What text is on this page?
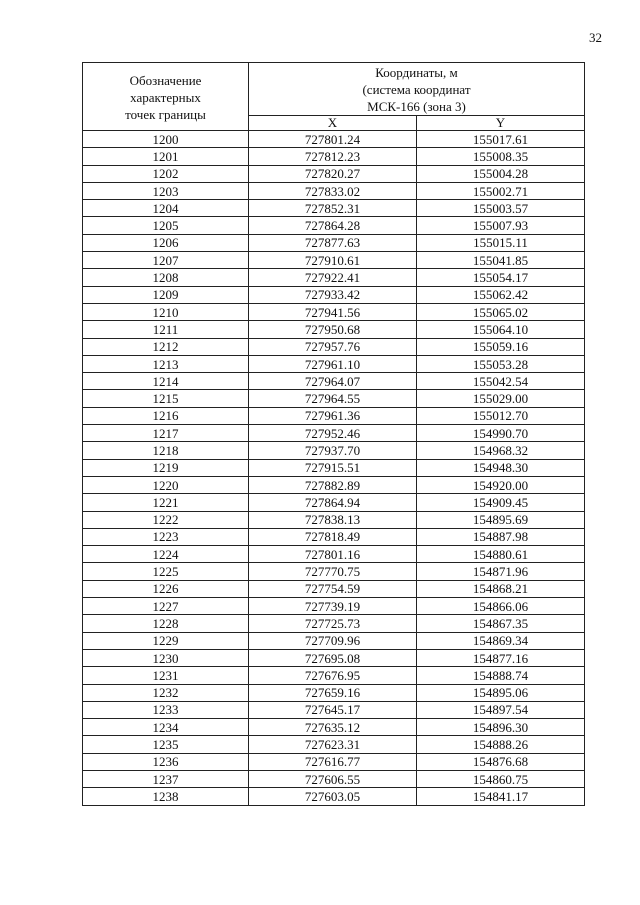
32
Обозначение
характерных
точек границы	Координаты, м
(система координат
МСК-166 (зона 3)	

	X	Y
1200	727801.24	155017.61
1201	727812.23	155008.35
1202	727820.27	155004.28
1203	727833.02	155002.71
1204	727852.31	155003.57
1205	727864.28	155007.93
1206	727877.63	155015.11
1207	727910.61	155041.85
1208	727922.41	155054.17
1209	727933.42	155062.42
1210	727941.56	155065.02
1211	727950.68	155064.10
1212	727957.76	155059.16
1213	727961.10	155053.28
1214	727964.07	155042.54
1215	727964.55	155029.00
1216	727961.36	155012.70
1217	727952.46	154990.70
1218	727937.70	154968.32
1219	727915.51	154948.30
1220	727882.89	154920.00
1221	727864.94	154909.45
1222	727838.13	154895.69
1223	727818.49	154887.98
1224	727801.16	154880.61
1225	727770.75	154871.96
1226	727754.59	154868.21
1227	727739.19	154866.06
1228	727725.73	154867.35
1229	727709.96	154869.34
1230	727695.08	154877.16
1231	727676.95	154888.74
1232	727659.16	154895.06
1233	727645.17	154897.54
1234	727635.12	154896.30
1235	727623.31	154888.26
1236	727616.77	154876.68
1237	727606.55	154860.75
1238	727603.05	154841.17
